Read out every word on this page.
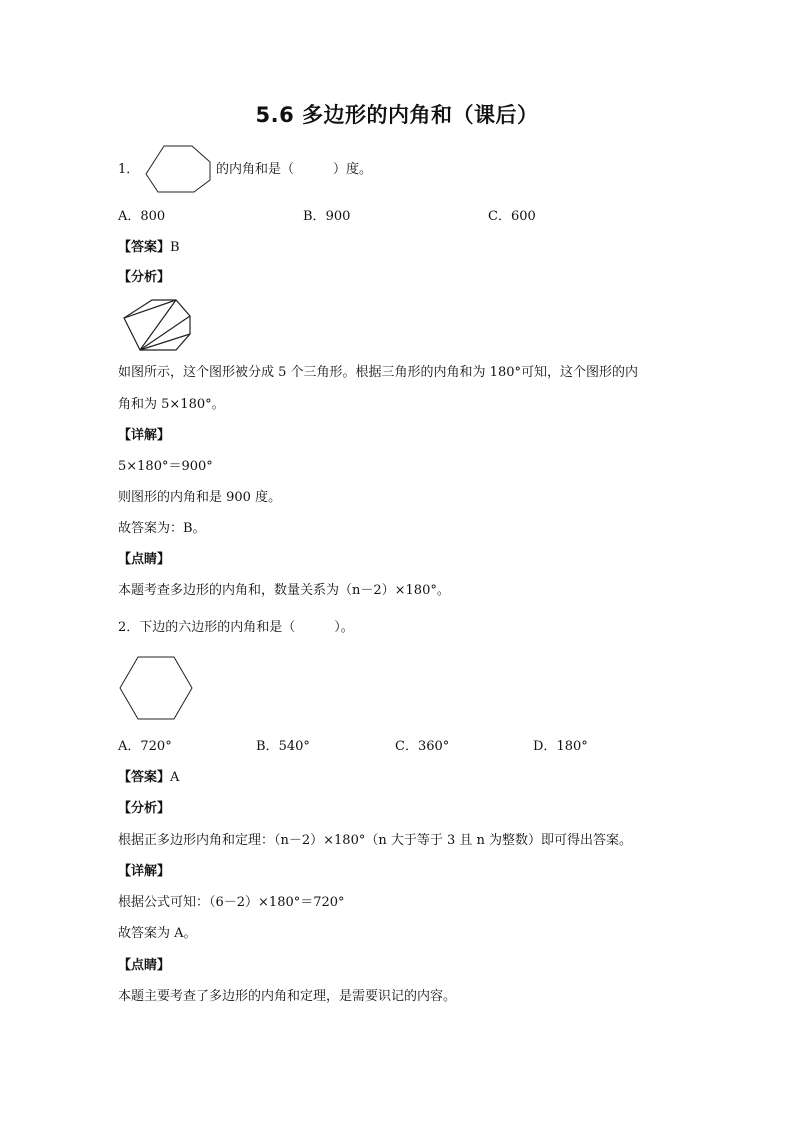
5.6 多边形的内角和（课后）
1．	的内角和是（　　　）度。
A．800	B．900	C．600
【答案】B
【分析】
如图所示，这个图形被分成 5 个三角形。根据三角形的内角和为 180°可知，这个图形的内
角和为 5×180°。
【详解】
5×180°＝900°
则图形的内角和是 900 度。
故答案为：B。
【点睛】
本题考查多边形的内角和，数量关系为（n－2）×180°。
2．下边的六边形的内角和是（　　　）。
A．720°	B．540°	C．360°	D．180°
【答案】A
【分析】
根据正多边形内角和定理：（n－2）×180°（n 大于等于 3 且 n 为整数）即可得出答案。
【详解】
根据公式可知：（6－2）×180°＝720°
故答案为 A。
【点睛】
本题主要考查了多边形的内角和定理，是需要识记的内容。
